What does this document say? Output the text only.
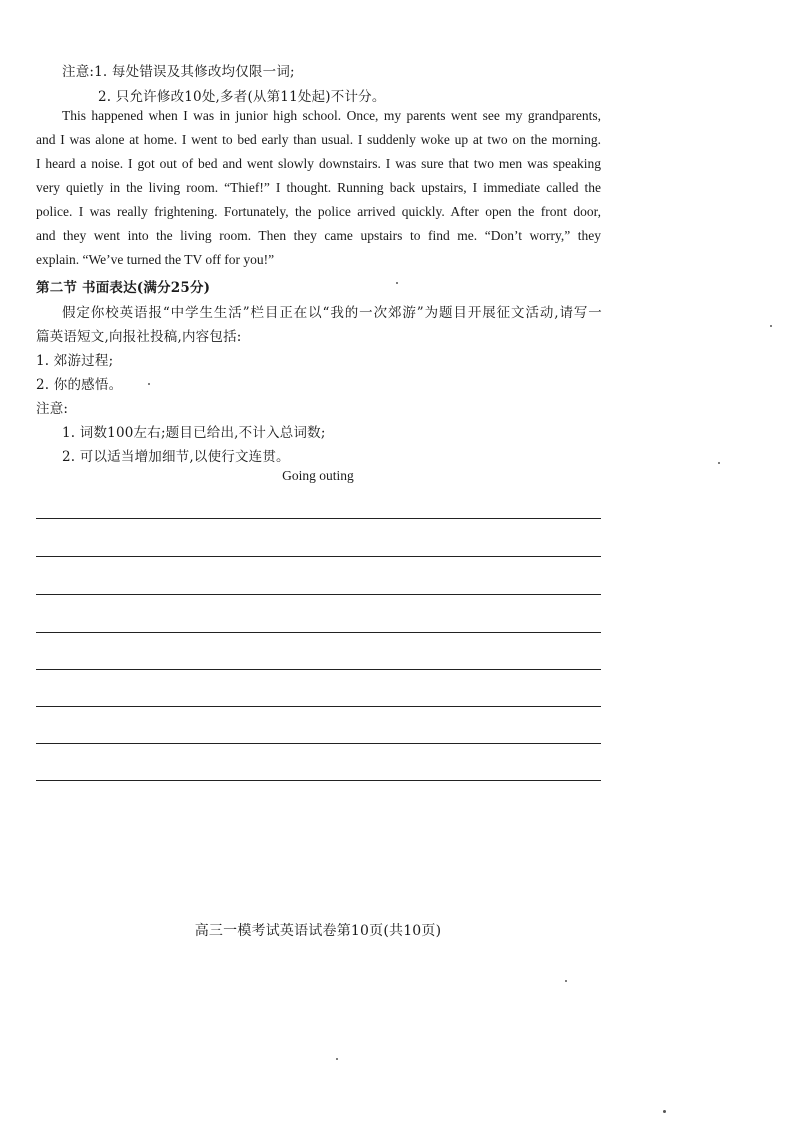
注意:1. 每处错误及其修改均仅限一词;
2. 只允许修改10处,多者(从第11处起)不计分。
This happened when I was in junior high school. Once, my parents went see my grandparents,
and I was alone at home. I went to bed early than usual. I suddenly woke up at two on the morning.
I heard a noise. I got out of bed and went slowly downstairs. I was sure that two men was speaking
very quietly in the living room. “Thief!” I thought. Running back upstairs, I immediate called the
police. I was really frightening. Fortunately, the police arrived quickly. After open the front door,
and they went into the living room. Then they came upstairs to find me. “Don’t worry,” they
explain. “We’ve turned the TV off for you!”
第二节 书面表达(满分25分)
假定你校英语报“中学生生活”栏目正在以“我的一次郊游”为题目开展征文活动,请写一
篇英语短文,向报社投稿,内容包括:
1. 郊游过程;
2. 你的感悟。
注意:
1. 词数100左右;题目已给出,不计入总词数;
2. 可以适当增加细节,以使行文连贯。
Going outing
高三一模考试英语试卷第10页(共10页)
